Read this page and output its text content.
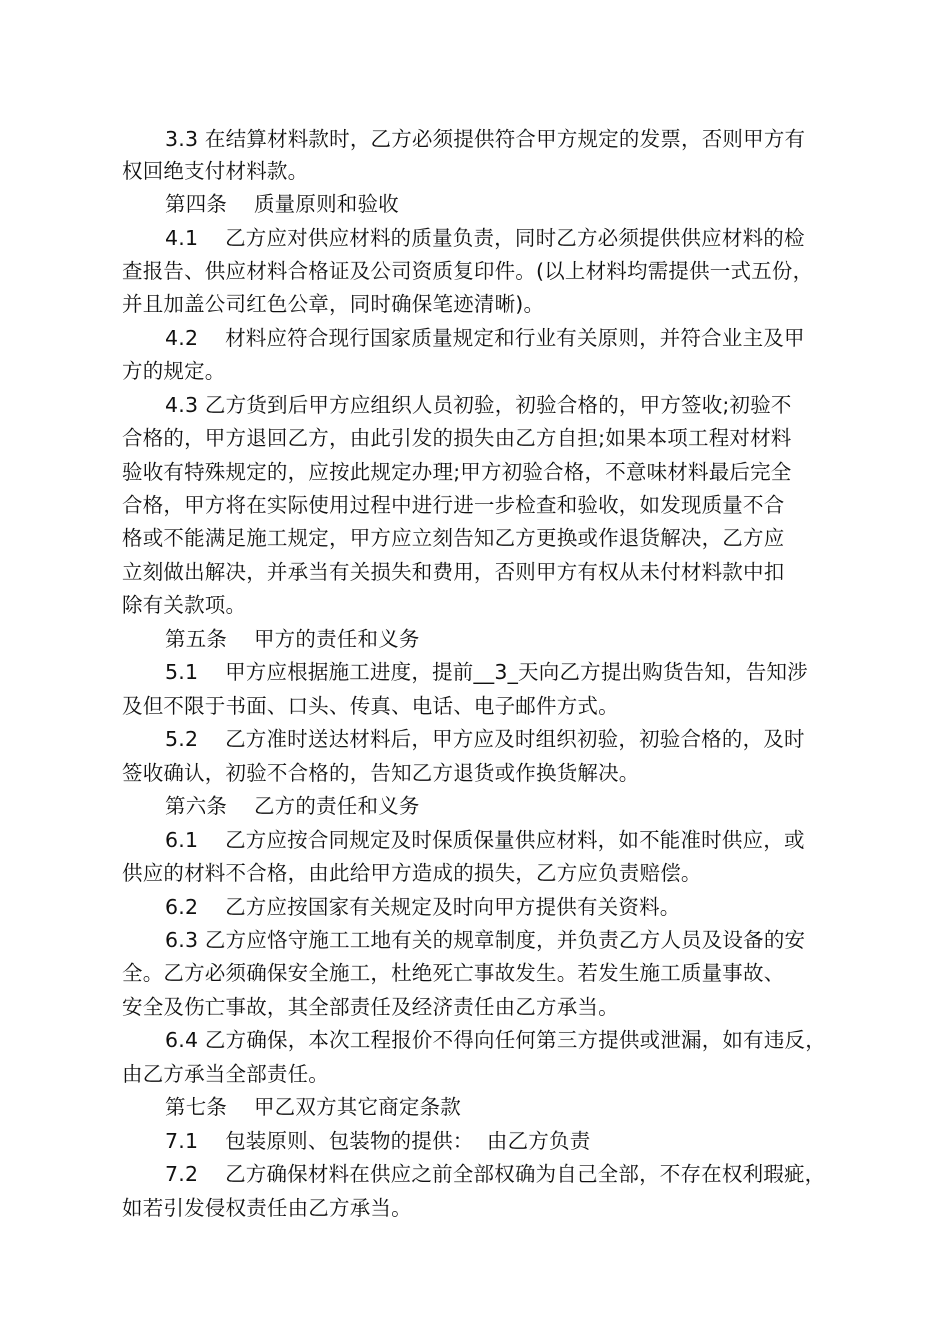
3.3 在结算材料款时，乙方必须提供符合甲方规定的发票，否则甲方有
权回绝支付材料款。
第四条    质量原则和验收
4.1    乙方应对供应材料的质量负责，同时乙方必须提供供应材料的检
查报告、供应材料合格证及公司资质复印件。(以上材料均需提供一式五份，
并且加盖公司红色公章，同时确保笔迹清晰)。
4.2    材料应符合现行国家质量规定和行业有关原则，并符合业主及甲
方的规定。
4.3 乙方货到后甲方应组织人员初验，初验合格的，甲方签收;初验不
合格的，甲方退回乙方，由此引发的损失由乙方自担;如果本项工程对材料
验收有特殊规定的，应按此规定办理;甲方初验合格，不意味材料最后完全
合格，甲方将在实际使用过程中进行进一步检查和验收，如发现质量不合
格或不能满足施工规定，甲方应立刻告知乙方更换或作退货解决，乙方应
立刻做出解决，并承当有关损失和费用，否则甲方有权从未付材料款中扣
除有关款项。
第五条    甲方的责任和义务
5.1    甲方应根据施工进度，提前__3_天向乙方提出购货告知，告知涉
及但不限于书面、口头、传真、电话、电子邮件方式。
5.2    乙方准时送达材料后，甲方应及时组织初验，初验合格的，及时
签收确认，初验不合格的，告知乙方退货或作换货解决。
第六条    乙方的责任和义务
6.1    乙方应按合同规定及时保质保量供应材料，如不能准时供应，或
供应的材料不合格，由此给甲方造成的损失，乙方应负责赔偿。
6.2    乙方应按国家有关规定及时向甲方提供有关资料。
6.3 乙方应恪守施工工地有关的规章制度，并负责乙方人员及设备的安
全。乙方必须确保安全施工，杜绝死亡事故发生。若发生施工质量事故、
安全及伤亡事故，其全部责任及经济责任由乙方承当。
6.4 乙方确保，本次工程报价不得向任何第三方提供或泄漏，如有违反，
由乙方承当全部责任。
第七条    甲乙双方其它商定条款
7.1    包装原则、包装物的提供：  由乙方负责
7.2    乙方确保材料在供应之前全部权确为自己全部，不存在权利瑕疵，
如若引发侵权责任由乙方承当。
